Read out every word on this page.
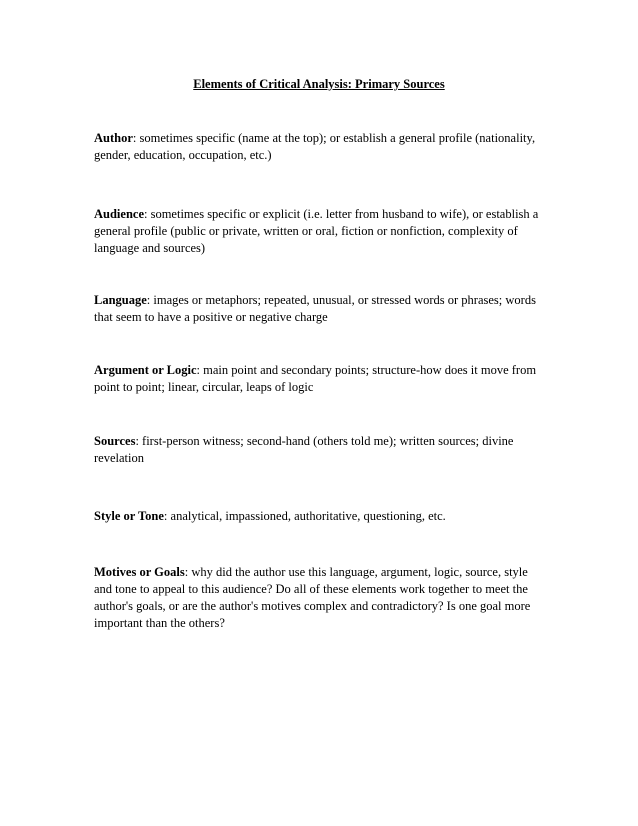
Elements of Critical Analysis: Primary Sources

Author: sometimes specific (name at the top); or establish a general profile (nationality, gender, education, occupation, etc.)

Audience: sometimes specific or explicit (i.e. letter from husband to wife), or establish a general profile (public or private, written or oral, fiction or nonfiction, complexity of language and sources)

Language: images or metaphors; repeated, unusual, or stressed words or phrases; words that seem to have a positive or negative charge

Argument or Logic: main point and secondary points; structure-how does it move from point to point; linear, circular, leaps of logic

Sources: first-person witness; second-hand (others told me); written sources; divine revelation

Style or Tone: analytical, impassioned, authoritative, questioning, etc.

Motives or Goals: why did the author use this language, argument, logic, source, style and tone to appeal to this audience? Do all of these elements work together to meet the author's goals, or are the author's motives complex and contradictory? Is one goal more important than the others?
